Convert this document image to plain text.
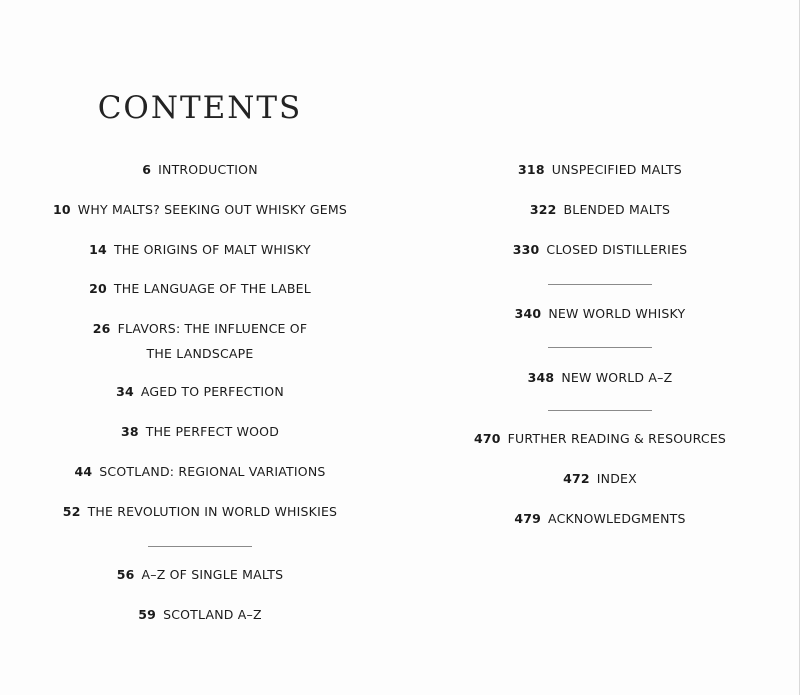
CONTENTS
6 INTRODUCTION
10 WHY MALTS? SEEKING OUT WHISKY GEMS
14 THE ORIGINS OF MALT WHISKY
20 THE LANGUAGE OF THE LABEL
26 FLAVORS: THE INFLUENCE OF
THE LANDSCAPE
34 AGED TO PERFECTION
38 THE PERFECT WOOD
44 SCOTLAND: REGIONAL VARIATIONS
52 THE REVOLUTION IN WORLD WHISKIES
56 A–Z OF SINGLE MALTS
59 SCOTLAND A–Z
318 UNSPECIFIED MALTS
322 BLENDED MALTS
330 CLOSED DISTILLERIES
340 NEW WORLD WHISKY
348 NEW WORLD A–Z
470 FURTHER READING & RESOURCES
472 INDEX
479 ACKNOWLEDGMENTS
